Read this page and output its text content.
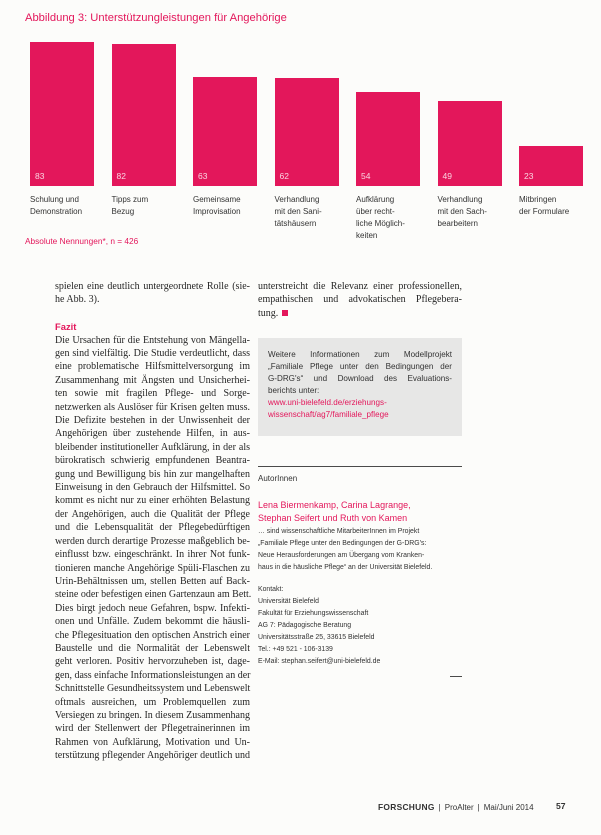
Abbildung 3: Unterstützungleistungen für Angehörige
83
Schulung und
Demonstration
82
Tipps zum
Bezug
63
Gemeinsame
Improvisation
62
Verhandlung
mit den Sani-
tätshäusern
54
Aufklärung
über recht-
liche Möglich-
keiten
49
Verhandlung
mit den Sach-
bearbeitern
23
Mitbringen
der Formulare
Absolute Nennungen*, n = 426
spielen eine deutlich untergeordnete Rolle (sie-
he Abb. 3).
Fazit
Die Ursachen für die Entstehung von Mängella-
gen sind vielfältig. Die Studie verdeutlicht, dass
eine problematische Hilfsmittelversorgung im
Zusammenhang mit Ängsten und Unsicherhei-
ten sowie mit fragilen Pflege- und Sorge-
netzwerken als Auslöser für Krisen gelten muss.
Die Defizite bestehen in der Unwissenheit der
Angehörigen über zustehende Hilfen, in aus-
bleibender institutioneller Aufklärung, in der als
bürokratisch schwierig empfundenen Beantra-
gung und Bewilligung bis hin zur mangelhaften
Einweisung in den Gebrauch der Hilfsmittel. So
kommt es nicht nur zu einer erhöhten Belastung
der Angehörigen, auch die Qualität der Pflege
und die Lebensqualität der Pflegebedürftigen
werden durch derartige Prozesse maßgeblich be-
einflusst bzw. eingeschränkt. In ihrer Not funk-
tionieren manche Angehörige Spüli-Flaschen zu
Urin-Behältnissen um, stellen Betten auf Back-
steine oder befestigen einen Gartenzaun am Bett.
Dies birgt jedoch neue Gefahren, bspw. Infekti-
onen und Unfälle. Zudem bekommt die häusli-
che Pflegesituation den optischen Anstrich einer
Baustelle und die Normalität der Lebenswelt
geht verloren. Positiv hervorzuheben ist, dage-
gen, dass einfache Informationsleistungen an der
Schnittstelle Gesundheitssystem und Lebenswelt
oftmals ausreichen, um Problemquellen zum
Versiegen zu bringen. In diesem Zusammenhang
wird der Stellenwert der Pflegetrainerinnen im
Rahmen von Aufklärung, Motivation und Un-
terstützung pflegender Angehöriger deutlich und
unterstreicht die Relevanz einer professionellen,
empathischen und advokatischen Pflegebera-
tung.
Weitere Informationen zum Modellprojekt
„Familiale Pflege unter den Bedingungen der
G-DRG's“ und Download des Evaluations-
berichts unter:
www.uni-bielefeld.de/erziehungs-
wissenschaft/ag7/familiale_pflege
AutorInnen
Lena Biermenkamp, Carina Lagrange,
Stephan Seifert und Ruth von Kamen
… sind wissenschaftliche MitarbeiterInnen im Projekt
„Familiale Pflege unter den Bedingungen der G-DRG's:
Neue Herausforderungen am Übergang vom Kranken-
haus in die häusliche Pflege“ an der Universität Bielefeld.
Kontakt:
Universität Bielefeld
Fakultät für Erziehungswissenschaft
AG 7: Pädagogische Beratung
Universitätsstraße 25, 33615 Bielefeld
Tel.: +49 521 - 106-3139
E-Mail: stephan.seifert@uni-bielefeld.de
FORSCHUNG | ProAlter | Mai/Juni 2014	57
